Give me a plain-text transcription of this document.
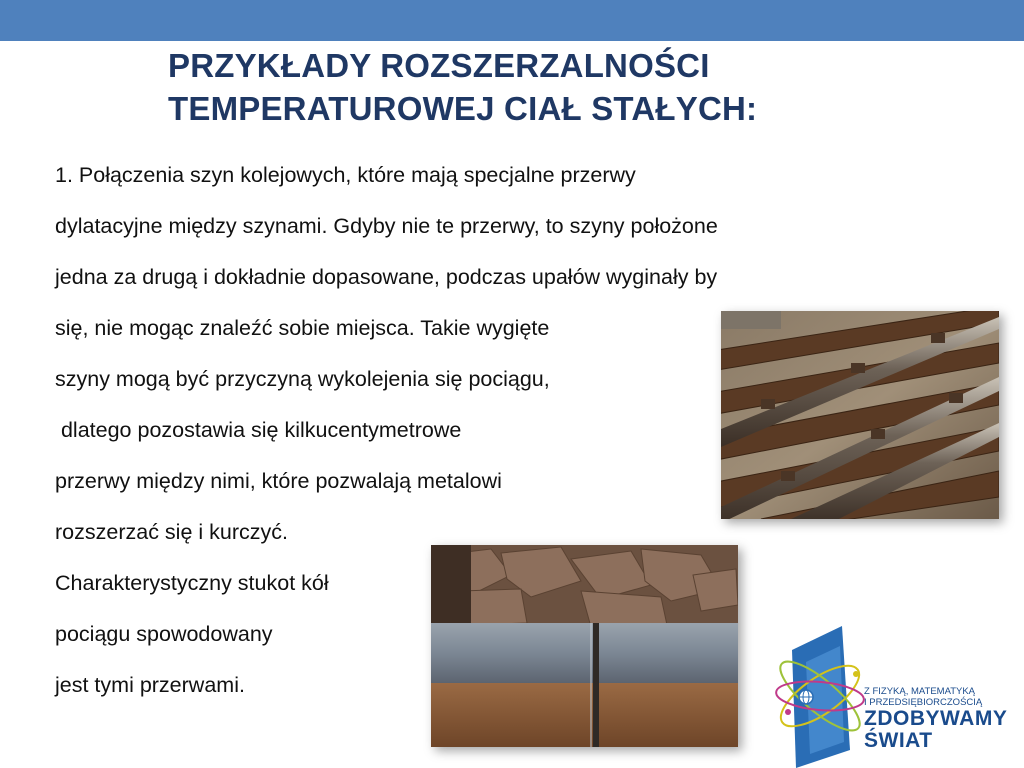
PRZYKŁADY ROZSZERZALNOŚCI
TEMPERATUROWEJ CIAŁ STAŁYCH:
1. Połączenia szyn kolejowych, które mają specjalne przerwy
dylatacyjne między szynami. Gdyby nie te przerwy, to szyny położone
jedna za drugą i dokładnie dopasowane, podczas upałów wyginały by
się, nie mogąc znaleźć sobie miejsca. Takie wygięte
szyny mogą być przyczyną wykolejenia się pociągu,
dlatego pozostawia się kilkucentymetrowe
przerwy między nimi, które pozwalają metalowi
rozszerzać się i kurczyć.
Charakterystyczny stukot kół
pociągu spowodowany
jest tymi przerwami.	Z FIZYKĄ, MATEMATYKĄ
I PRZEDSIĘBIORCZOŚCIĄ
ZDOBYWAMY
ŚWIAT
